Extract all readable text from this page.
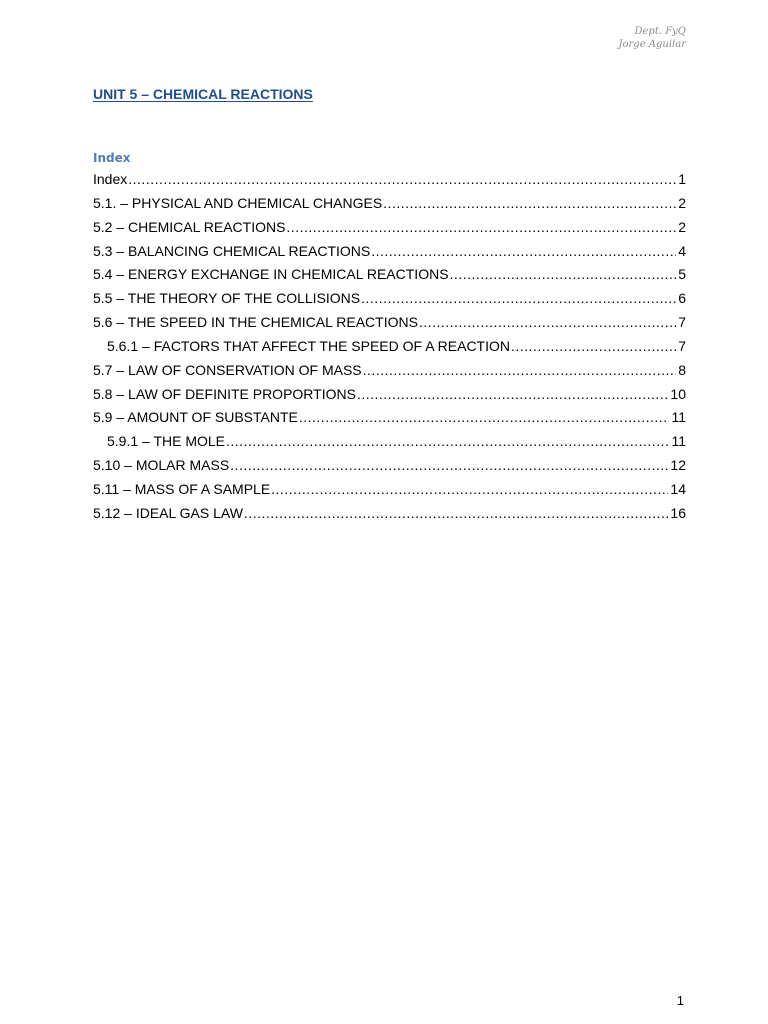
Dept. FyQ
Jorge Aguilar
UNIT 5 – CHEMICAL REACTIONS
Index
Index .....	1
5.1. – PHYSICAL AND CHEMICAL CHANGES .....	2
5.2 – CHEMICAL REACTIONS .....	2
5.3 – BALANCING CHEMICAL REACTIONS .....	4
5.4 – ENERGY EXCHANGE IN CHEMICAL REACTIONS .....	5
5.5 – THE THEORY OF THE COLLISIONS .....	6
5.6 – THE SPEED IN THE CHEMICAL REACTIONS .....	7
5.6.1 – FACTORS THAT AFFECT THE SPEED OF A REACTION .....	7
5.7 – LAW OF CONSERVATION OF MASS .....	8
5.8 – LAW OF DEFINITE PROPORTIONS .....	10
5.9 – AMOUNT OF SUBSTANTE .....	11
5.9.1 – THE MOLE .....	11
5.10 – MOLAR MASS .....	12
5.11 – MASS OF A SAMPLE .....	14
5.12 – IDEAL GAS LAW .....	16
1
